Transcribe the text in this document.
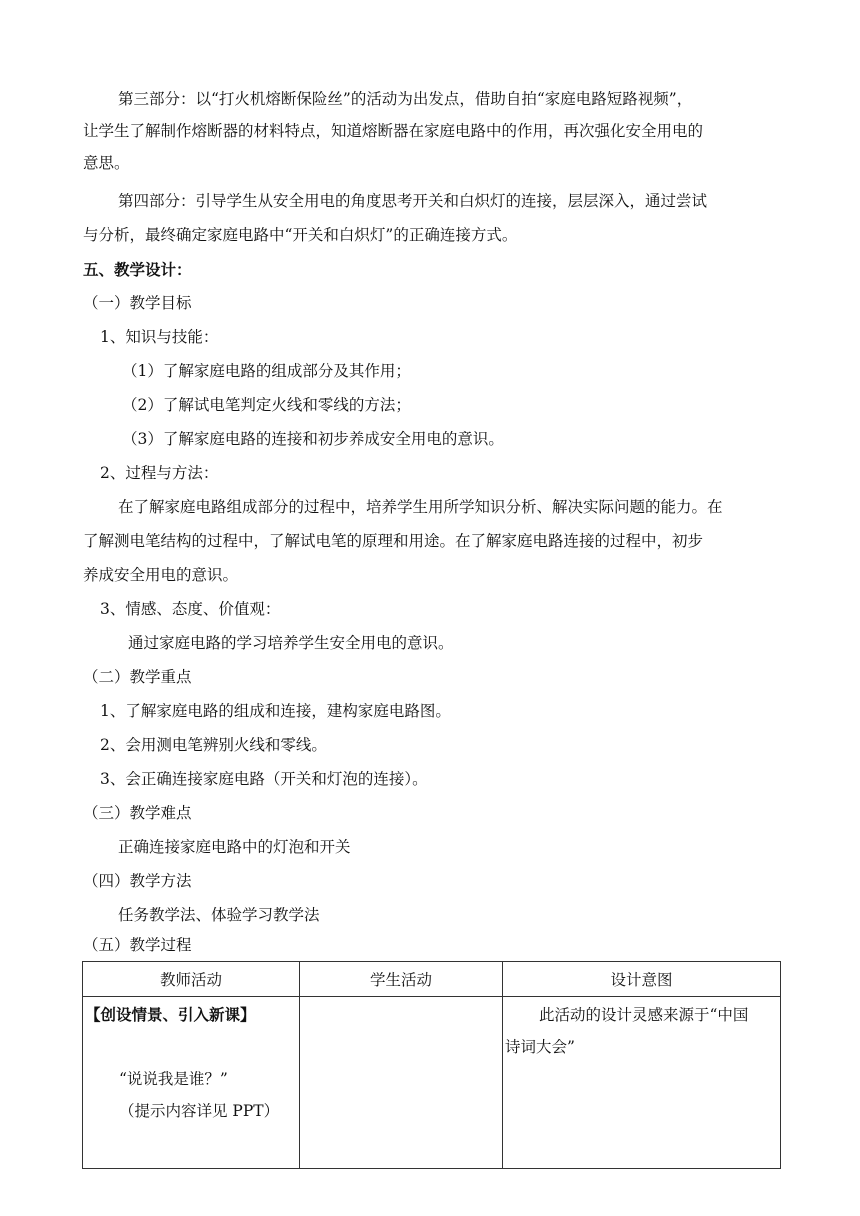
第三部分：以“打火机熔断保险丝”的活动为出发点，借助自拍“家庭电路短路视频”，
让学生了解制作熔断器的材料特点，知道熔断器在家庭电路中的作用，再次强化安全用电的
意思。
第四部分：引导学生从安全用电的角度思考开关和白炽灯的连接，层层深入，通过尝试
与分析，最终确定家庭电路中“开关和白炽灯”的正确连接方式。
五、教学设计：
（一）教学目标
1、知识与技能：
（1）了解家庭电路的组成部分及其作用；
（2）了解试电笔判定火线和零线的方法；
（3）了解家庭电路的连接和初步养成安全用电的意识。
2、过程与方法：
在了解家庭电路组成部分的过程中，培养学生用所学知识分析、解决实际问题的能力。在
了解测电笔结构的过程中，了解试电笔的原理和用途。在了解家庭电路连接的过程中，初步
养成安全用电的意识。
3、情感、态度、价值观：
通过家庭电路的学习培养学生安全用电的意识。
（二）教学重点
1、了解家庭电路的组成和连接，建构家庭电路图。
2、会用测电笔辨别火线和零线。
3、会正确连接家庭电路（开关和灯泡的连接）。
（三）教学难点
正确连接家庭电路中的灯泡和开关
（四）教学方法
任务教学法、体验学习教学法
（五）教学过程
教师活动	学生活动	设计意图

【创设情景、引入新课】
“说说我是谁？”
（提示内容详见 PPT）		此活动的设计灵感来源于“中国
诗词大会”
